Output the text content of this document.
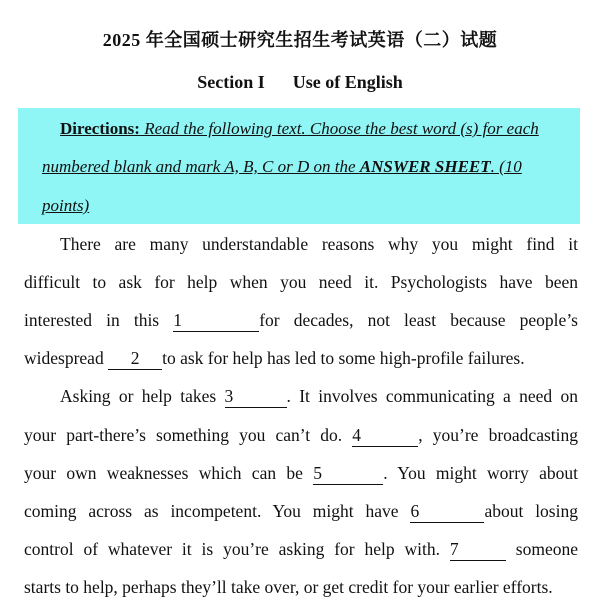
2025 年全国硕士研究生招生考试英语（二）试题
Section I Use of English
Directions: Read the following text. Choose the best word (s) for each
numbered blank and mark A, B, C or D on the ANSWER SHEET. (10
points)
There are many understandable reasons why you might find it
difficult to ask for help when you need it. Psychologists have been
interested in this 1	for decades, not least because people’s
widespread 2 to ask for help has led to some high-profile failures.
Asking or help takes 3	. It involves communicating a need on
your part-there’s something you can’t do. 4	, you’re broadcasting
your own weaknesses which can be 5	. You might worry about
coming across as incompetent. You might have 6	about losing
control of whatever it is you’re asking for help with. 7	someone
starts to help, perhaps they’ll take over, or get credit for your earlier efforts.
